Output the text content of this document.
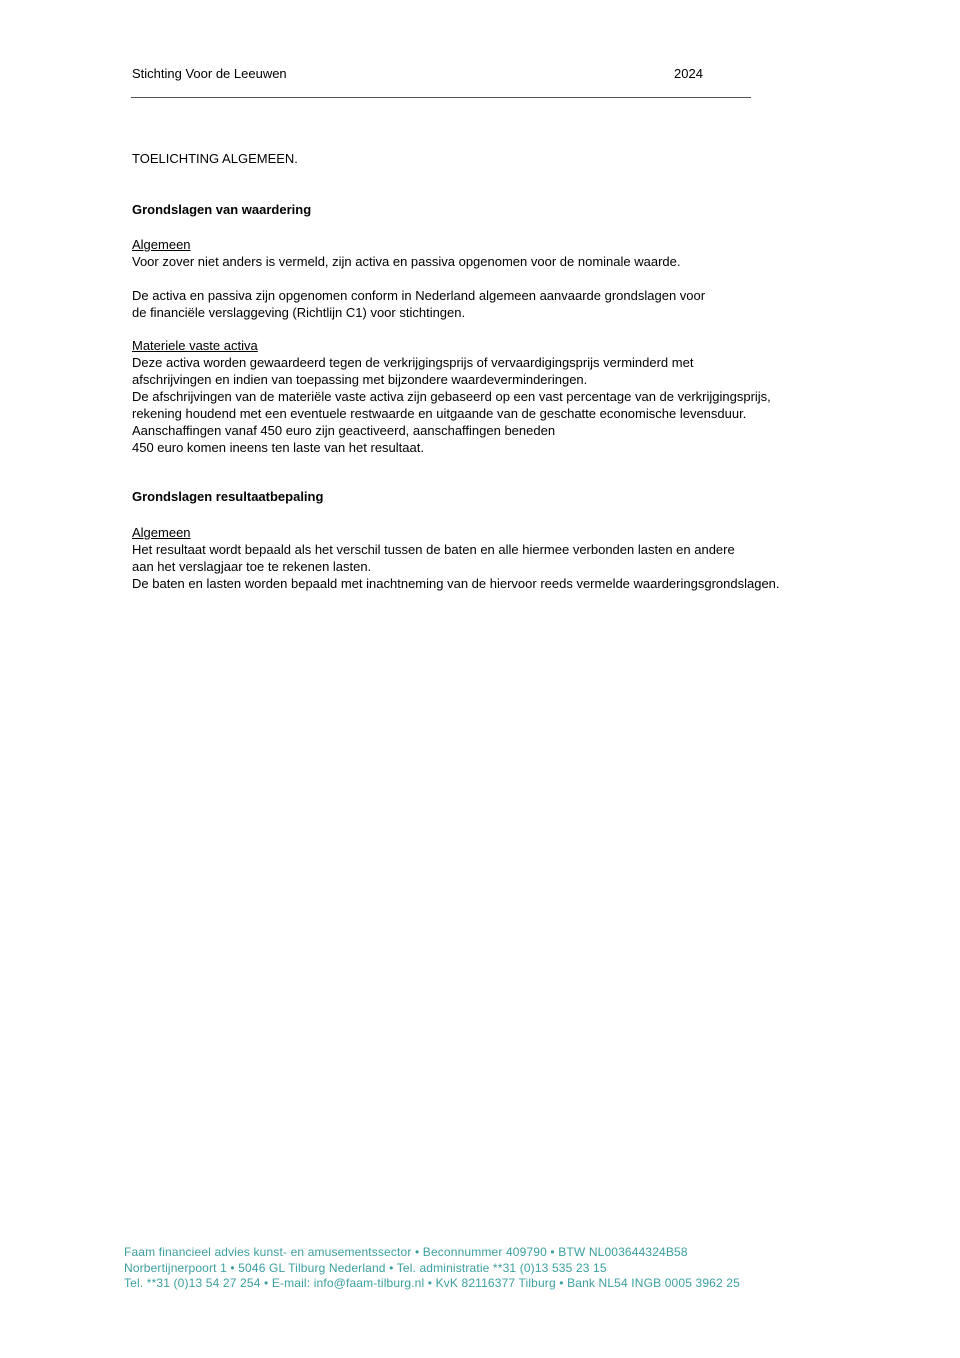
Stichting Voor de Leeuwen	2024
TOELICHTING ALGEMEEN.
Grondslagen van waardering
Algemeen
Voor zover niet anders is vermeld, zijn activa en passiva opgenomen voor de nominale waarde.
De activa en passiva zijn opgenomen conform in Nederland algemeen aanvaarde grondslagen voor
de financiële verslaggeving (Richtlijn C1) voor stichtingen.
Materiele vaste activa
Deze activa worden gewaardeerd tegen de verkrijgingsprijs of vervaardigingsprijs verminderd met
afschrijvingen en indien van toepassing met bijzondere waardeverminderingen.
De afschrijvingen van de materiële vaste activa zijn gebaseerd op een vast percentage van de verkrijgingsprijs,
rekening houdend met een eventuele restwaarde en uitgaande van de geschatte economische levensduur.
Aanschaffingen vanaf 450 euro zijn geactiveerd, aanschaffingen beneden
450 euro komen ineens ten laste van het resultaat.
Grondslagen resultaatbepaling
Algemeen
Het resultaat wordt bepaald als het verschil tussen de baten en alle hiermee verbonden lasten en andere
aan het verslagjaar toe te rekenen lasten.
De baten en lasten worden bepaald met inachtneming van de hiervoor reeds vermelde waarderingsgrondslagen.
Faam financieel advies kunst- en amusementssector • Beconnummer 409790 • BTW NL003644324B58
Norbertijnerpoort 1 • 5046 GL Tilburg Nederland • Tel. administratie **31 (0)13 535 23 15
Tel. **31 (0)13 54 27 254 • E-mail: info@faam-tilburg.nl • KvK 82116377 Tilburg • Bank NL54 INGB 0005 3962 25
